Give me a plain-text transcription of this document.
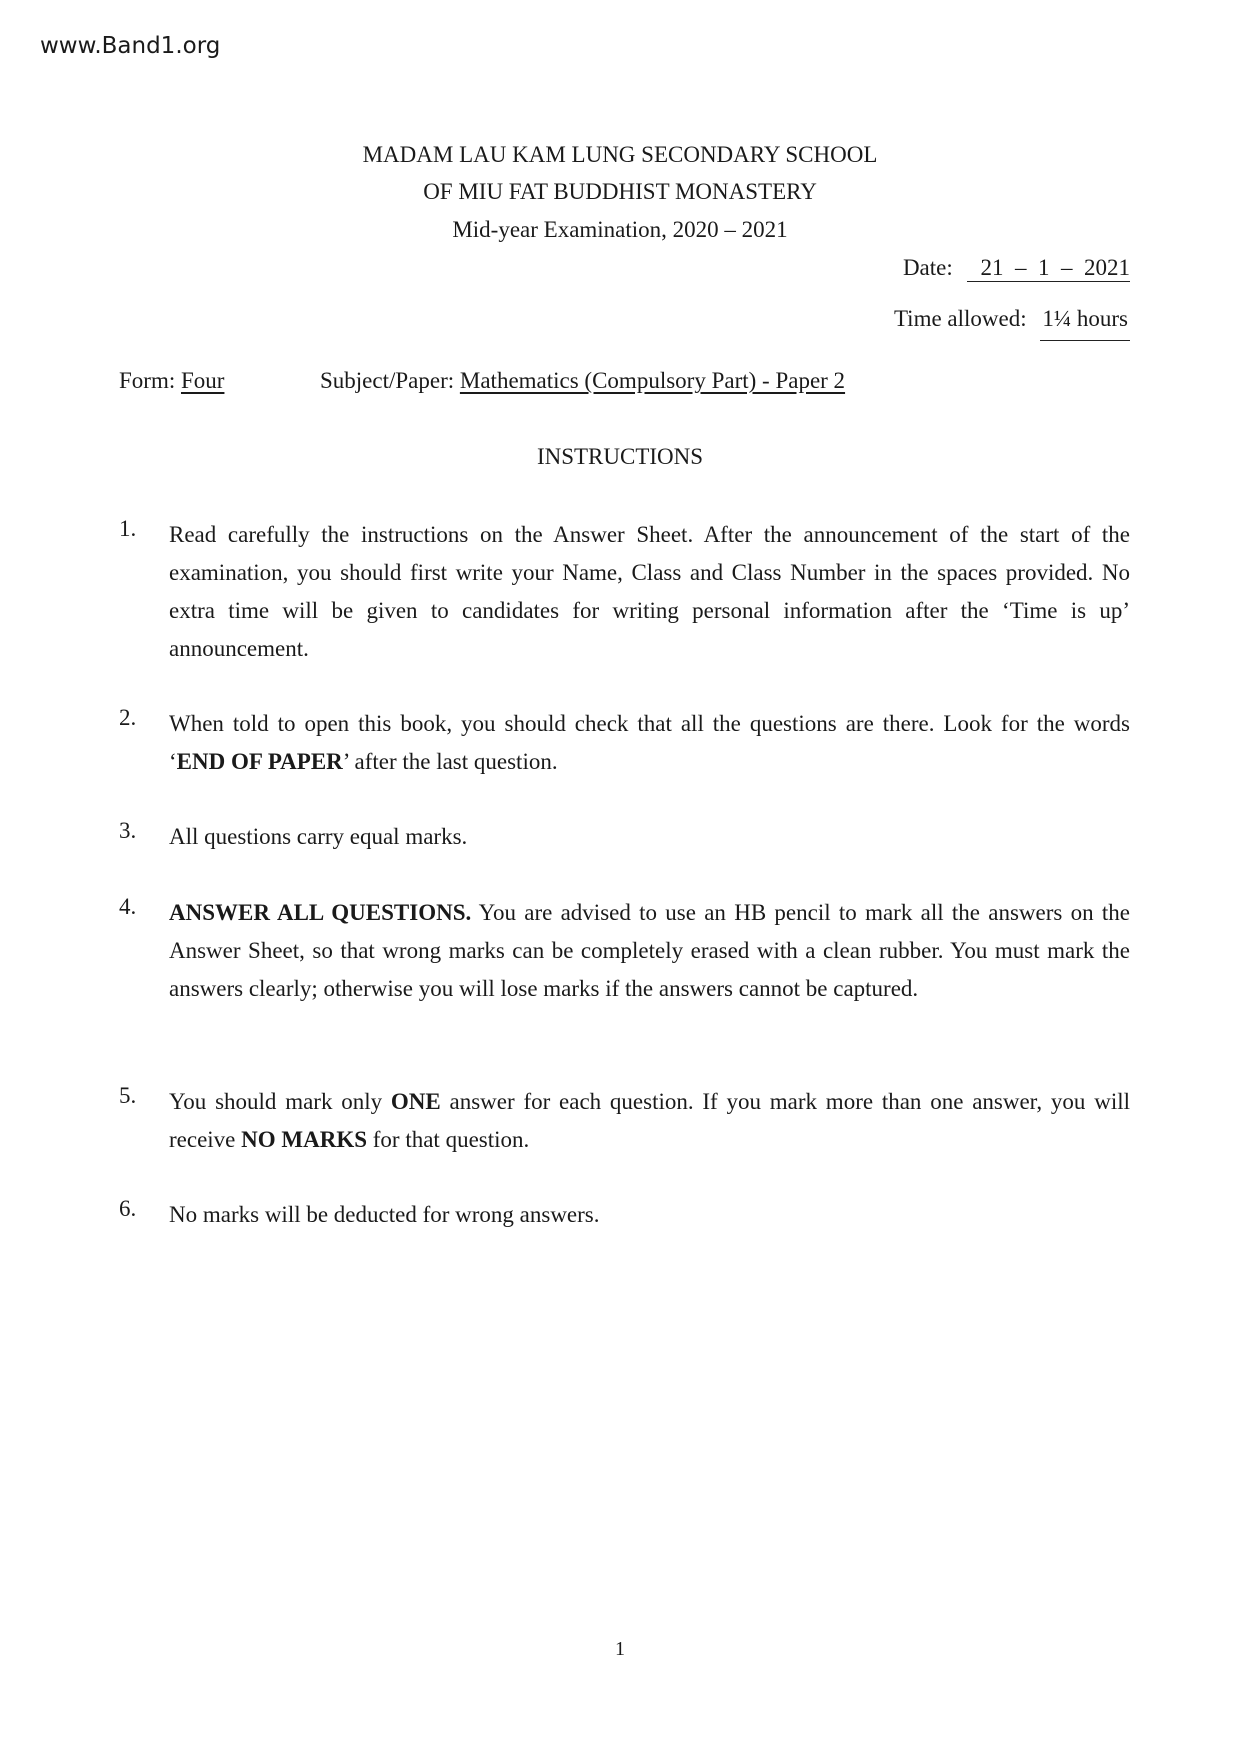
www.Band1.org
MADAM LAU KAM LUNG SECONDARY SCHOOL
OF MIU FAT BUDDHIST MONASTERY
Mid-year Examination, 2020 – 2021
Date: 21  –  1  –  2021
Time allowed: 1¼ hours
Form: Four	Subject/Paper: Mathematics (Compulsory Part) - Paper 2
INSTRUCTIONS
1. Read carefully the instructions on the Answer Sheet. After the announcement of the start of the examination, you should first write your Name, Class and Class Number in the spaces provided. No extra time will be given to candidates for writing personal information after the ‘Time is up’ announcement.
2. When told to open this book, you should check that all the questions are there. Look for the words ‘END OF PAPER’ after the last question.
3. All questions carry equal marks.
4. ANSWER ALL QUESTIONS. You are advised to use an HB pencil to mark all the answers on the Answer Sheet, so that wrong marks can be completely erased with a clean rubber. You must mark the answers clearly; otherwise you will lose marks if the answers cannot be captured.
5. You should mark only ONE answer for each question. If you mark more than one answer, you will receive NO MARKS for that question.
6. No marks will be deducted for wrong answers.
1
